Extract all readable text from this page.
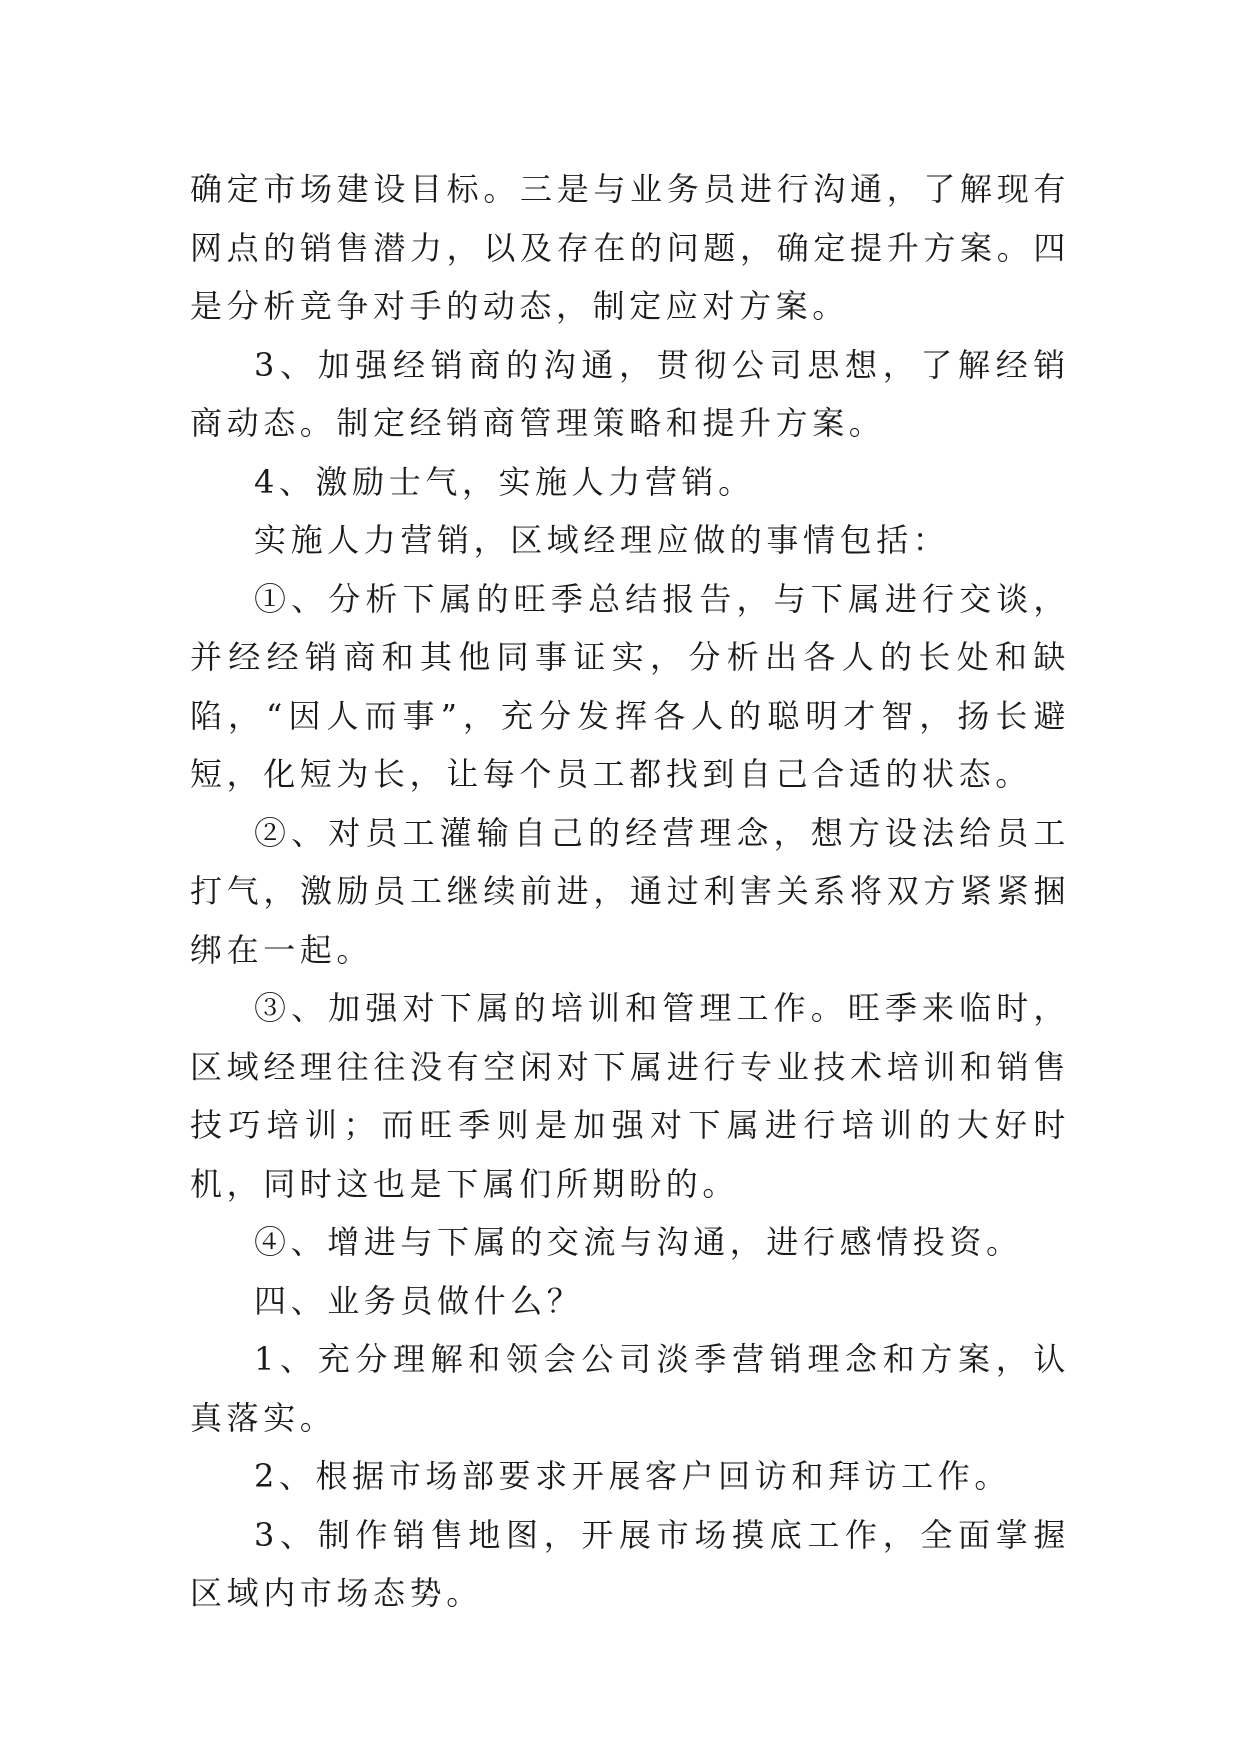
确定市场建设目标。三是与业务员进行沟通，了解现有网点的销售潜力，以及存在的问题，确定提升方案。四是分析竞争对手的动态，制定应对方案。

3、加强经销商的沟通，贯彻公司思想，了解经销商动态。制定经销商管理策略和提升方案。

4、激励士气，实施人力营销。

实施人力营销，区域经理应做的事情包括：

①、分析下属的旺季总结报告，与下属进行交谈，并经经销商和其他同事证实，分析出各人的长处和缺陷，“因人而事”，充分发挥各人的聪明才智，扬长避短，化短为长，让每个员工都找到自己合适的状态。

②、对员工灌输自己的经营理念，想方设法给员工打气，激励员工继续前进，通过利害关系将双方紧紧捆绑在一起。

③、加强对下属的培训和管理工作。旺季来临时，区域经理往往没有空闲对下属进行专业技术培训和销售技巧培训；而旺季则是加强对下属进行培训的大好时机，同时这也是下属们所期盼的。

④、增进与下属的交流与沟通，进行感情投资。

四、业务员做什么？

1、充分理解和领会公司淡季营销理念和方案，认真落实。

2、根据市场部要求开展客户回访和拜访工作。

3、制作销售地图，开展市场摸底工作，全面掌握区域内市场态势。
